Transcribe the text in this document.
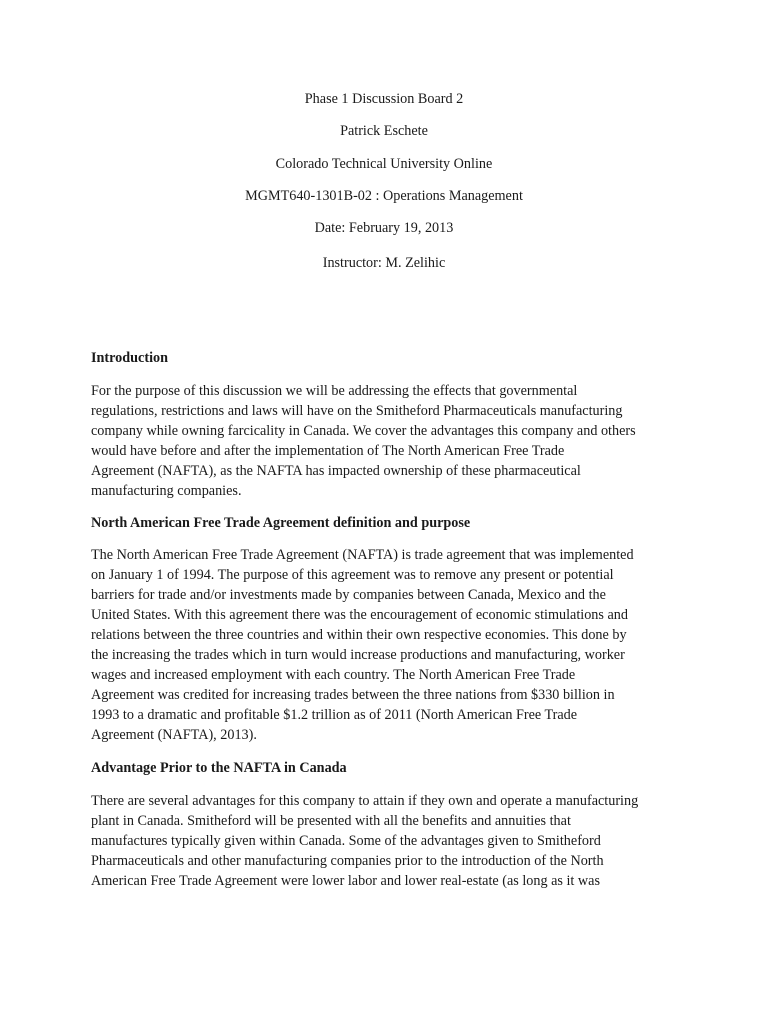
Phase 1 Discussion Board 2
Patrick Eschete
Colorado Technical University Online
MGMT640-1301B-02 : Operations Management
Date: February 19, 2013
Instructor: M. Zelihic
Introduction
For the purpose of this discussion we will be addressing the effects that governmental
regulations, restrictions and laws will have on the Smitheford Pharmaceuticals manufacturing
company while owning farcicality in Canada. We cover the advantages this company and others
would have before and after the implementation of The North American Free Trade
Agreement (NAFTA), as the NAFTA has impacted ownership of these pharmaceutical
manufacturing companies.
North American Free Trade Agreement definition and purpose
The North American Free Trade Agreement (NAFTA) is trade agreement that was implemented
on January 1 of 1994. The purpose of this agreement was to remove any present or potential
barriers for trade and/or investments made by companies between Canada, Mexico and the
United States. With this agreement there was the encouragement of economic stimulations and
relations between the three countries and within their own respective economies. This done by
the increasing the trades which in turn would increase productions and manufacturing, worker
wages and increased employment with each country. The North American Free Trade
Agreement was credited for increasing trades between the three nations from $330 billion in
1993 to a dramatic and profitable $1.2 trillion as of 2011 (North American Free Trade
Agreement (NAFTA), 2013).
Advantage Prior to the NAFTA in Canada
There are several advantages for this company to attain if they own and operate a manufacturing
plant in Canada. Smitheford will be presented with all the benefits and annuities that
manufactures typically given within Canada. Some of the advantages given to Smitheford
Pharmaceuticals and other manufacturing companies prior to the introduction of the North
American Free Trade Agreement were lower labor and lower real-estate (as long as it was
